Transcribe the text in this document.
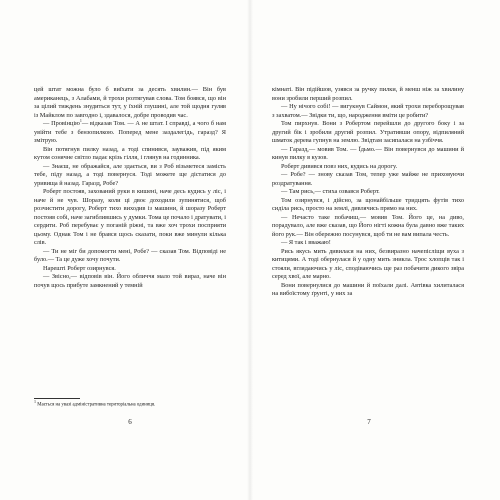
цей штат можна було б виїхати за десять хвилин.— Він був американець, з Алабами, й трохи розтягував слова. Том боявся, що він за цілий тиждень знудиться тут, у їхній глушині, але той щодня гуляв із Майклом по завгодно і, здавалося, добре проводив час.

— Провінцію$^1$— відказав Том. — А не штат. І справді, а чого б нам увійти тебе з бензопилкою. Поперед мене заздалегідь, гаразд? Я змітрую.

Він потягнув пилку назад, а тоді спинився, зауважив, під яким кутом сонячне світло падає крізь гілля, і глянув на годинника.

— Знаєш, не ображайся, але здається, ви з Роб візьметеся замість тебе, піду назад, а тоді повернуся. Тоді можете ще дістатися до уривища й назад. Гаразд, Робе?

Роберт постояв, захований руки в кишені, наче десь кудись у ліс, і наче й не чув. Шоразу, коли ці двоє доходили зупинятися, щоб розчистити дорогу, Роберт тихо виходив із машини, й шоразу Роберт постояв собі, наче загиблившись у думки. Тома це почало і дратувати, і сердити. Роб перебуває у поганій ріжні, та вже хоч трохи посприяти цьому. Однак Том і не брався щось сказати, поки вже минули кілька слів.

— Ти не міг би допомогти мені, Робе? — сказав Том. Відповіді не було.— Та це дуже хочу почути.

Нарешті Роберт озирнувся.

— Звісно,— відповів він. Його обличчя мало той вираз, наче він почув щось прибуте замкнений у темній

$^1$ Мається на увазі адміністративна територіальна одиниця.
6

кімнаті. Він підійшов, узявся за ручку пилки, й менш ніж за хвилину вони зробили перший розпил.

— Ну нічого собі! — вигукнув Саймон, який трохи переборощував з захватом.— Звідки ти, що, народження вміти це робити?

Том пирхнув. Вони з Робертом перейшли до другого боку і за другий бік і зробили другий розпил. Утративши опору, відпиляний шматок дерева гупнув на землю. Звідтам засипалася на узбіччя.

— Гаразд,— мовив Том. — Їдьмо.— Він повернувся до машини й кинув пилку в кузов.

Роберт дивився повз них, кудись на дорогу.

— Робе? — знову сказав Том, тепер уже майже не приховуючи роздратування.

— Там рись,— стиха озвався Роберт.

Том озирнувся, і дійсно, за щонайбільше тридцять футів тихо сиділа рись, просто на землі, дивлячись прямо на них.

— Нечасто таке побачиш,— мовив Том. Його це, на диво, порадувало, але вже сказав, що Його нігті кожна була давно вже таких його рук.— Він обережно посунувся, щоб ти не вам випала честь.

— Я так і вважаю!

Рись якусь мить дивилася на них, безвиразно начепісліщи вуха з китицями. А тоді обернулася й у одну мить зникла. Трос хлопців так і стояли, вглядаючись у ліс, сподіваючись ще раз побачити дикого звіра серед хвої, але марно.

Вони повернулися до машини й поїхали далі. Автівка хилиталася на вибоїстому ґрунті, у них за

7
